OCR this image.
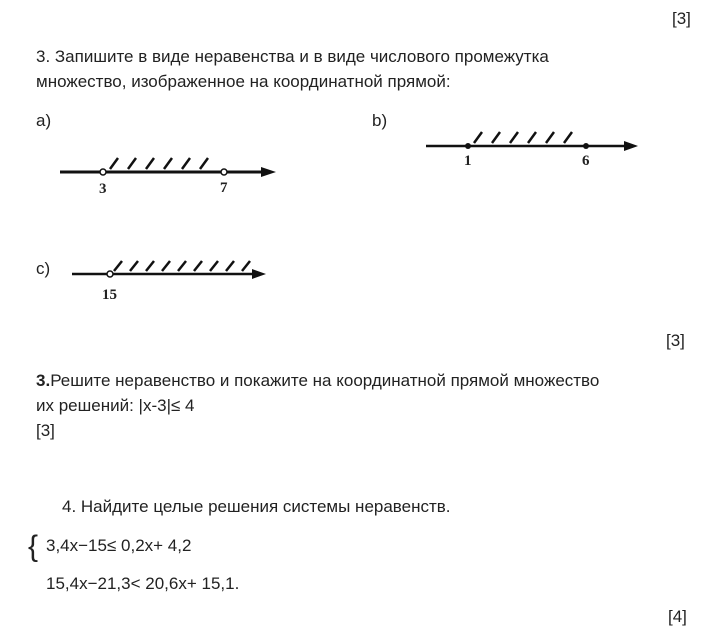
[3]
3. Запишите в виде неравенства и в виде числового промежутка
множество, изображенное на координатной прямой:
a)	b)
c)
3	7
1	6
15
[3]
3.Решите неравенство и покажите на координатной прямой множество
их решений: |x-3|≤ 4
[3]
4. Найдите целые решения системы неравенств.
{ 3,4x−15≤ 0,2x+ 4,2
15,4x−21,3< 20,6x+ 15,1.
[4]
